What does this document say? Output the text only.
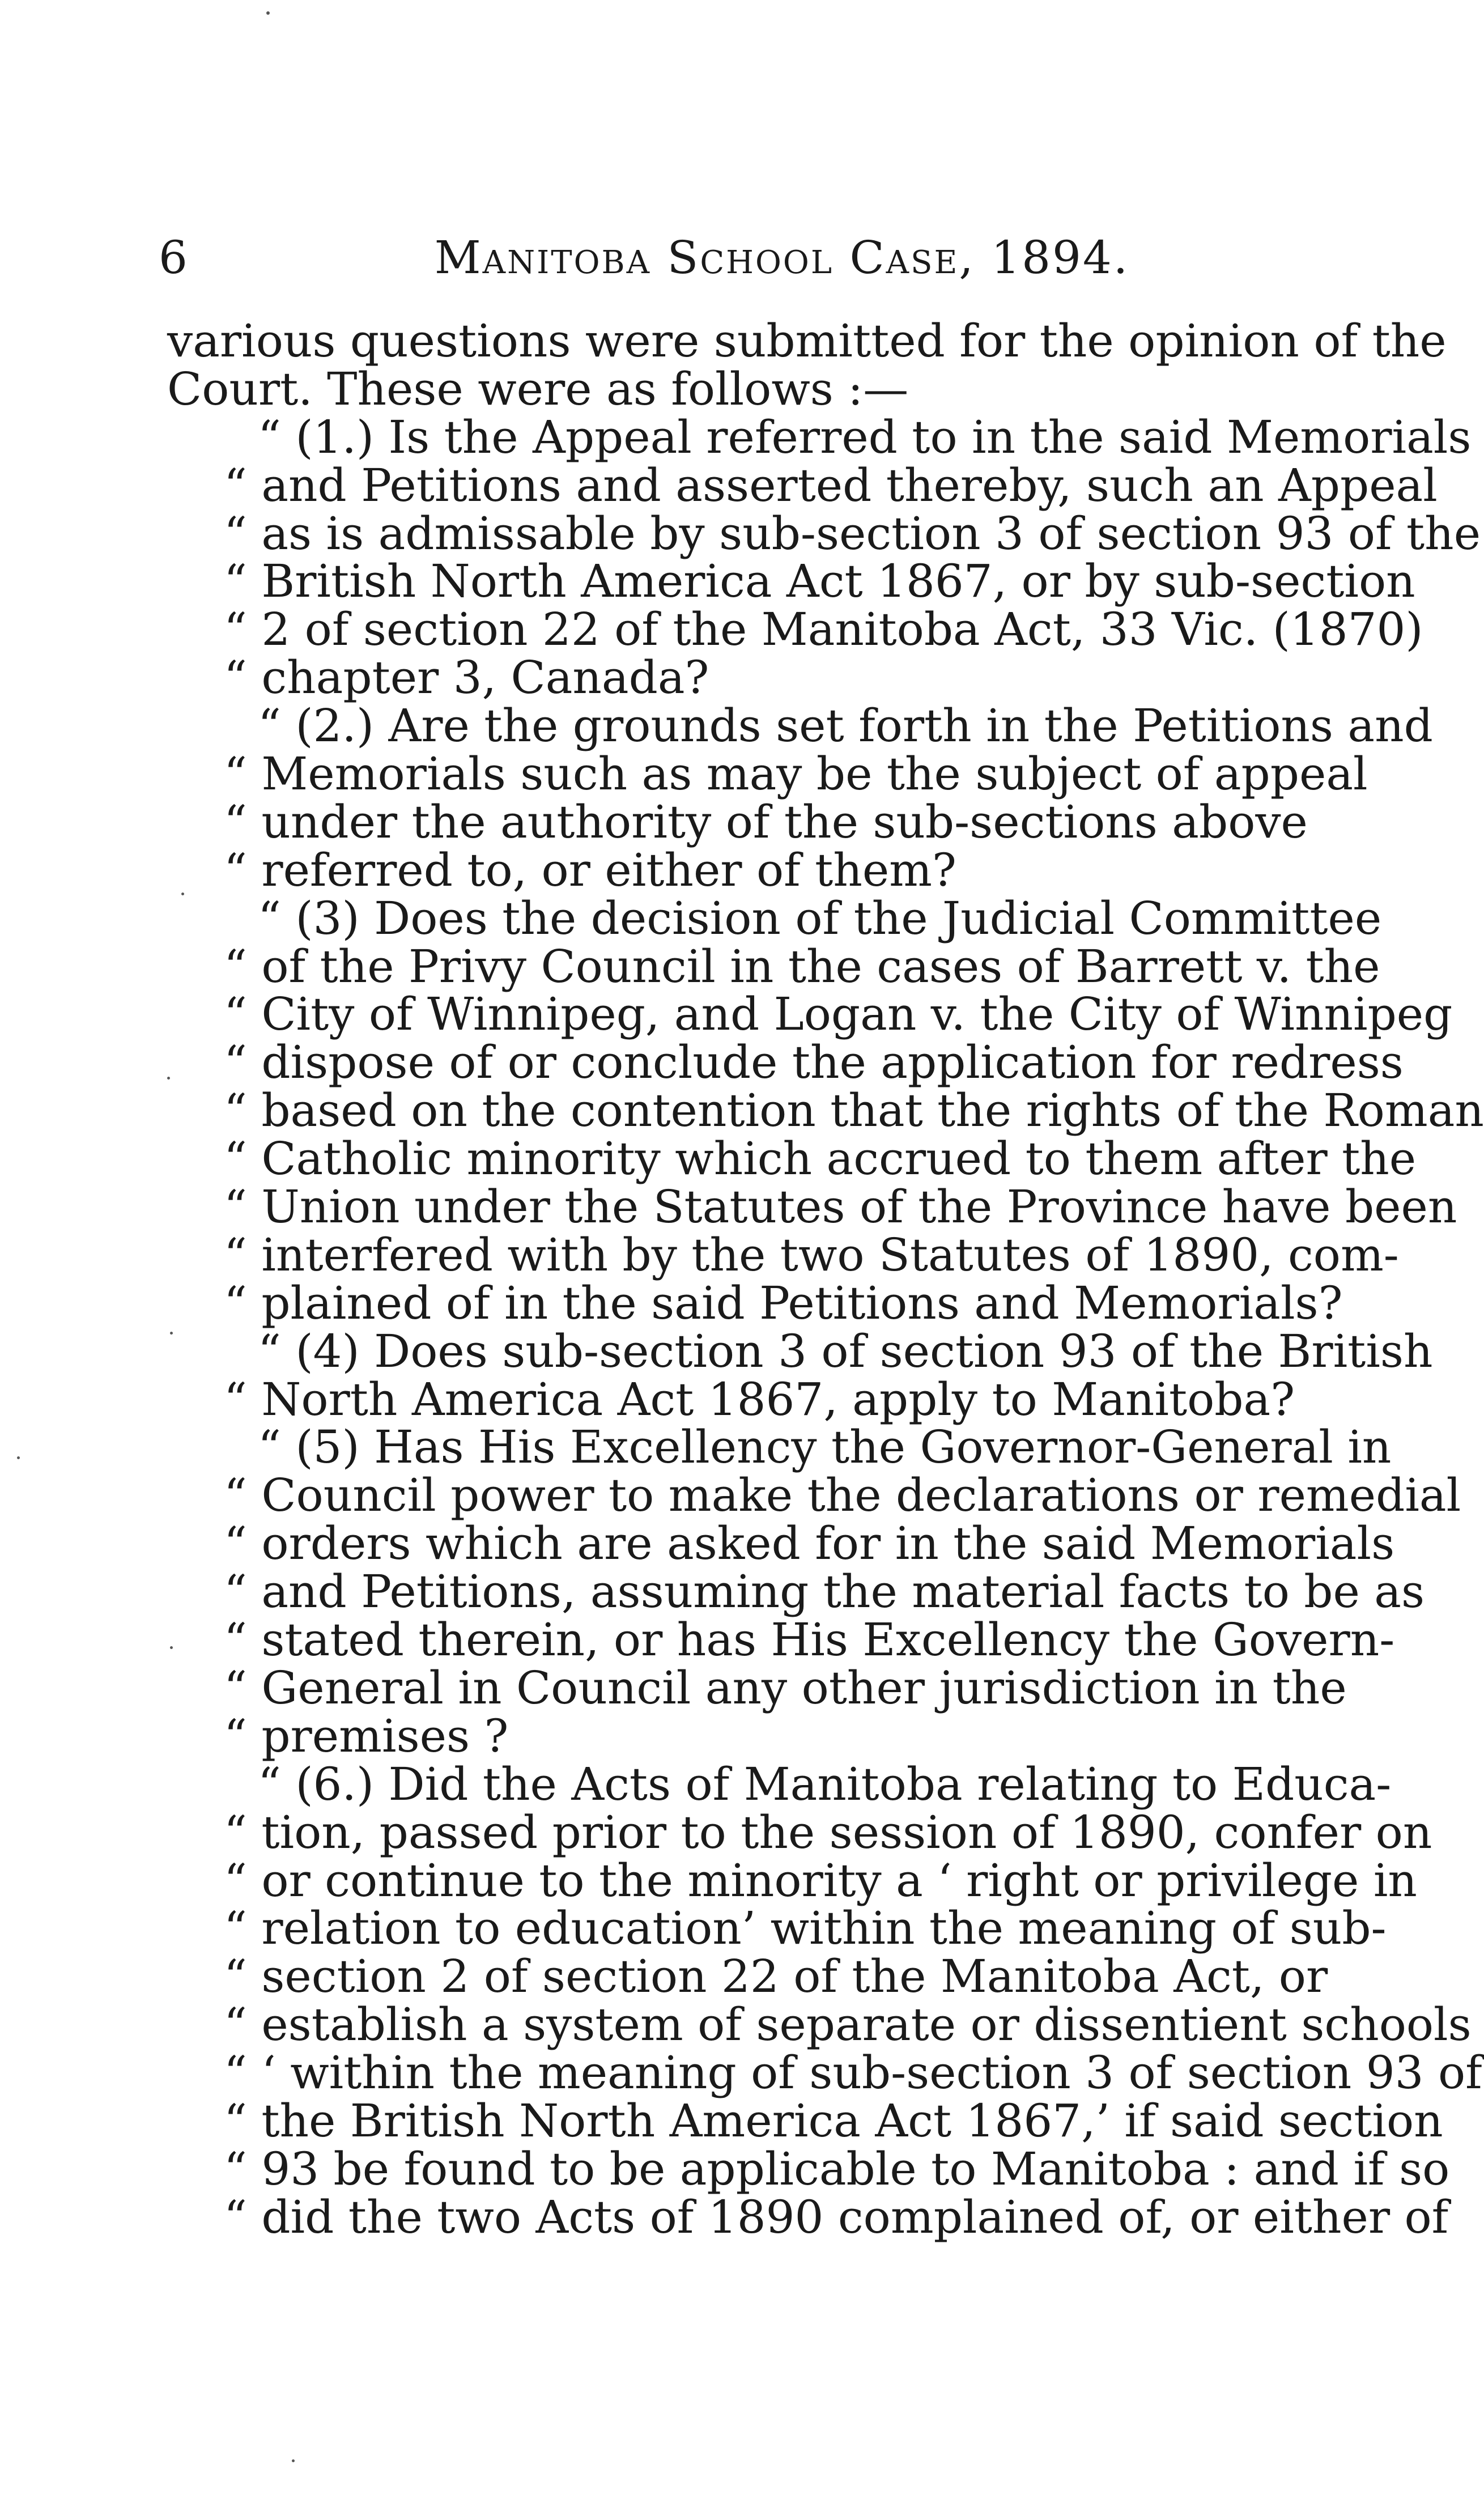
6	Manitoba School Case, 1894.
various questions were submitted for the opinion of the
Court. These were as follows :—
“ (1.) Is the Appeal referred to in the said Memorials
“ and Petitions and asserted thereby, such an Appeal
“ as is admissable by sub-section 3 of section 93 of the
“ British North America Act 1867, or by sub-section
“ 2 of section 22 of the Manitoba Act, 33 Vic. (1870)
“ chapter 3, Canada?
“ (2.) Are the grounds set forth in the Petitions and
“ Memorials such as may be the subject of appeal
“ under the authority of the sub-sections above
“ referred to, or either of them?
“ (3) Does the decision of the Judicial Committee
“ of the Privy Council in the cases of Barrett v. the
“ City of Winnipeg, and Logan v. the City of Winnipeg
“ dispose of or conclude the application for redress
“ based on the contention that the rights of the Roman
“ Catholic minority which accrued to them after the
“ Union under the Statutes of the Province have been
“ interfered with by the two Statutes of 1890, com-
“ plained of in the said Petitions and Memorials?
“ (4) Does sub-section 3 of section 93 of the British
“ North America Act 1867, apply to Manitoba?
“ (5) Has His Excellency the Governor-General in
“ Council power to make the declarations or remedial
“ orders which are asked for in the said Memorials
“ and Petitions, assuming the material facts to be as
“ stated therein, or has His Excellency the Govern-
“ General in Council any other jurisdiction in the
“ premises ?
“ (6.) Did the Acts of Manitoba relating to Educa-
“ tion, passed prior to the session of 1890, confer on
“ or continue to the minority a ‘ right or privilege in
“ relation to education’ within the meaning of sub-
“ section 2 of section 22 of the Manitoba Act, or
“ establish a system of separate or dissentient schools
“ ‘ within the meaning of sub-section 3 of section 93 of
“ the British North America Act 1867,’ if said section
“ 93 be found to be applicable to Manitoba : and if so
“ did the two Acts of 1890 complained of, or either of
